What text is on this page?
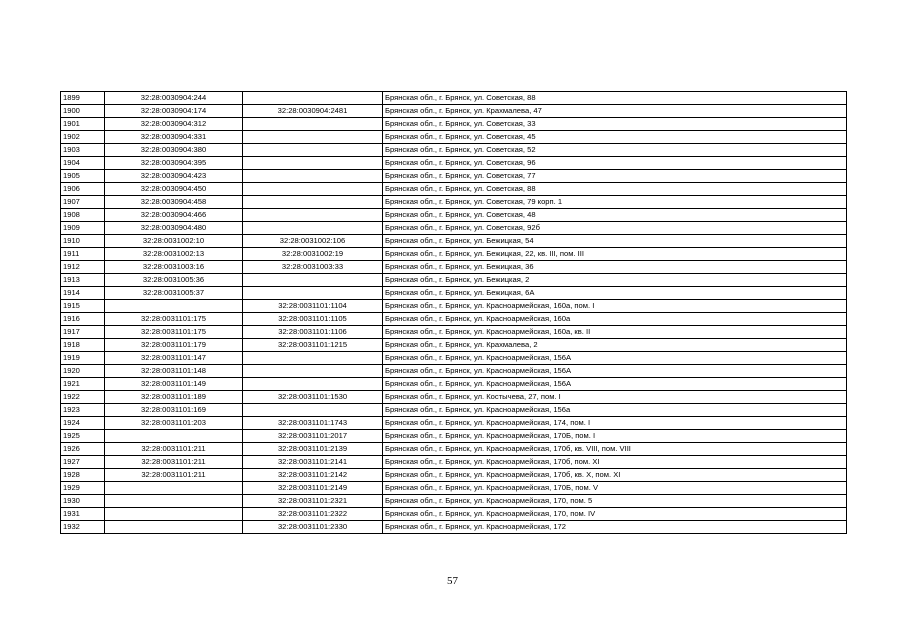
1899	32:28:0030904:244		Брянская обл., г. Брянск, ул. Советская, 88
1900	32:28:0030904:174	32:28:0030904:2481	Брянская обл., г. Брянск, ул. Крахмалева, 47
1901	32:28:0030904:312		Брянская обл., г. Брянск, ул. Советская, 33
1902	32:28:0030904:331		Брянская обл., г. Брянск, ул. Советская, 45
1903	32:28:0030904:380		Брянская обл., г. Брянск, ул. Советская, 52
1904	32:28:0030904:395		Брянская обл., г. Брянск, ул. Советская, 96
1905	32:28:0030904:423		Брянская обл., г. Брянск, ул. Советская, 77
1906	32:28:0030904:450		Брянская обл., г. Брянск, ул. Советская, 88
1907	32:28:0030904:458		Брянская обл., г. Брянск, ул. Советская, 79 корп. 1
1908	32:28:0030904:466		Брянская обл., г. Брянск, ул. Советская, 48
1909	32:28:0030904:480		Брянская обл., г. Брянск, ул. Советская, 92б
1910	32:28:0031002:10	32:28:0031002:106	Брянская обл., г. Брянск, ул. Бежицкая, 54
1911	32:28:0031002:13	32:28:0031002:19	Брянская обл., г. Брянск, ул. Бежицкая, 22, кв. III, пом. III
1912	32:28:0031003:16	32:28:0031003:33	Брянская обл., г. Брянск, ул. Бежицкая, 36
1913	32:28:0031005:36		Брянская обл., г. Брянск, ул. Бежицкая, 2
1914	32:28:0031005:37		Брянская обл., г. Брянск, ул. Бежицкая, 6А
1915		32:28:0031101:1104	Брянская обл., г. Брянск, ул. Красноармейская, 160а, пом. I
1916	32:28:0031101:175	32:28:0031101:1105	Брянская обл., г. Брянск, ул. Красноармейская, 160а
1917	32:28:0031101:175	32:28:0031101:1106	Брянская обл., г. Брянск, ул. Красноармейская, 160а, кв. II
1918	32:28:0031101:179	32:28:0031101:1215	Брянская обл., г. Брянск, ул. Крахмалева, 2
1919	32:28:0031101:147		Брянская обл., г. Брянск, ул. Красноармейская, 156А
1920	32:28:0031101:148		Брянская обл., г. Брянск, ул. Красноармейская, 156А
1921	32:28:0031101:149		Брянская обл., г. Брянск, ул. Красноармейская, 156А
1922	32:28:0031101:189	32:28:0031101:1530	Брянская обл., г. Брянск, ул. Костычева, 27, пом. I
1923	32:28:0031101:169		Брянская обл., г. Брянск, ул. Красноармейская, 156а
1924	32:28:0031101:203	32:28:0031101:1743	Брянская обл., г. Брянск, ул. Красноармейская, 174, пом. I
1925		32:28:0031101:2017	Брянская обл., г. Брянск, ул. Красноармейская, 170Б, пом. I
1926	32:28:0031101:211	32:28:0031101:2139	Брянская обл., г. Брянск, ул. Красноармейская, 170б, кв. VIII, пом. VIII
1927	32:28:0031101:211	32:28:0031101:2141	Брянская обл., г. Брянск, ул. Красноармейская, 170б, пом. XI
1928	32:28:0031101:211	32:28:0031101:2142	Брянская обл., г. Брянск, ул. Красноармейская, 170б, кв. X, пом. XI
1929		32:28:0031101:2149	Брянская обл., г. Брянск, ул. Красноармейская, 170Б, пом. V
1930		32:28:0031101:2321	Брянская обл., г. Брянск, ул. Красноармейская, 170, пом. 5
1931		32:28:0031101:2322	Брянская обл., г. Брянск, ул. Красноармейская, 170, пом. IV
1932		32:28:0031101:2330	Брянская обл., г. Брянск, ул. Красноармейская, 172
57
